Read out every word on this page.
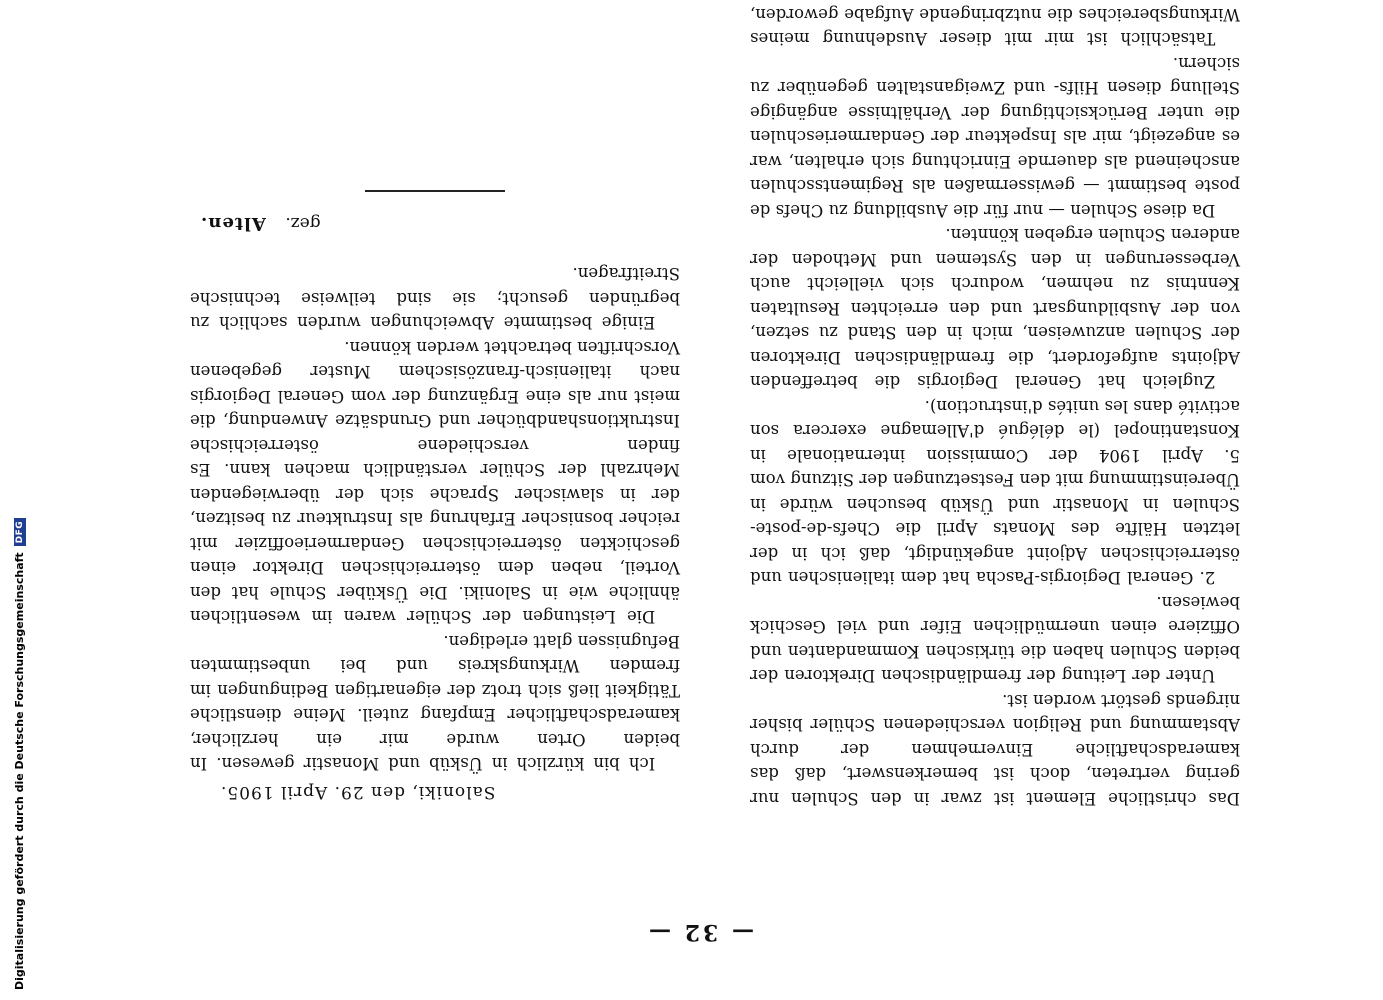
Digitalisierung gefördert durch die Deutsche Forschungsgemeinschaft
DFG
— 32 —

Das christliche Element ist zwar in den Schulen nur gering vertreten, doch ist bemerkenswert, daß das kameradschaftliche Einvernehmen der durch Abstammung und Religion verschiedenen Schüler bisher nirgends gestört worden ist.

Unter der Leitung der fremdländischen Direktoren der beiden Schulen haben die türkischen Kommandanten und Offiziere einen unermüdlichen Eifer und viel Geschick bewiesen.

2. General Degiorgis-Pascha hat dem italienischen und österreichischen Adjoint angekündigt, daß ich in der letzten Hälfte des Monats April die Chefs-de-poste-Schulen in Monastir und Üsküb besuchen würde in Übereinstimmung mit den Festsetzungen der Sitzung vom 5. April 1904 der Commission internationale in Konstantinopel (le délégué d'Allemagne exercera son activité dans les unités d'instruction).

Zugleich hat General Degiorgis die betreffenden Adjoints aufgefordert, die fremdländischen Direktoren der Schulen anzuweisen, mich in den Stand zu setzen, von der Ausbildungsart und den erreichten Resultaten Kenntnis zu nehmen, wodurch sich vielleicht auch Verbesserungen in den Systemen und Methoden der anderen Schulen ergeben könnten.

Da diese Schulen — nur für die Ausbildung zu Chefs de poste bestimmt — gewissermaßen als Regimentsschulen anscheinend als dauernde Einrichtung sich erhalten, war es angezeigt, mir als Inspekteur der Gendarmerieschulen die unter Berücksichtigung der Verhältnisse angängige Stellung diesen Hilfs- und Zweiganstalten gegenüber zu sichern.

Tatsächlich ist mir mit dieser Ausdehnung meines Wirkungsbereiches die nutzbringende Aufgabe geworden,

Saloniki, den 29. April 1905.

Ich bin kürzlich in Üsküb und Monastir gewesen. In beiden Orten wurde mir ein herzlicher, kameradschaftlicher Empfang zuteil. Meine dienstliche Tätigkeit ließ sich trotz der eigenartigen Bedingungen im fremden Wirkungskreis und bei unbestimmten Befugnissen glatt erledigen.

Die Leistungen der Schüler waren im wesentlichen ähnliche wie in Saloniki. Die Üsküber Schule hat den Vorteil, neben dem österreichischen Direktor einen geschickten österreichischen Gendarmerieoffizier mit reicher bosnischer Erfahrung als Instrukteur zu besitzen, der in slawischer Sprache sich der überwiegenden Mehrzahl der Schüler verständlich machen kann. Es finden verschiedene österreichische Instruktionshandbücher und Grundsätze Anwendung, die meist nur als eine Ergänzung der vom General Degiorgis nach italienisch-französischem Muster gegebenen Vorschriften betrachtet werden können.

Einige bestimmte Abweichungen wurden sachlich zu begründen gesucht; sie sind teilweise technische Streitfragen.

gez. Alten.
